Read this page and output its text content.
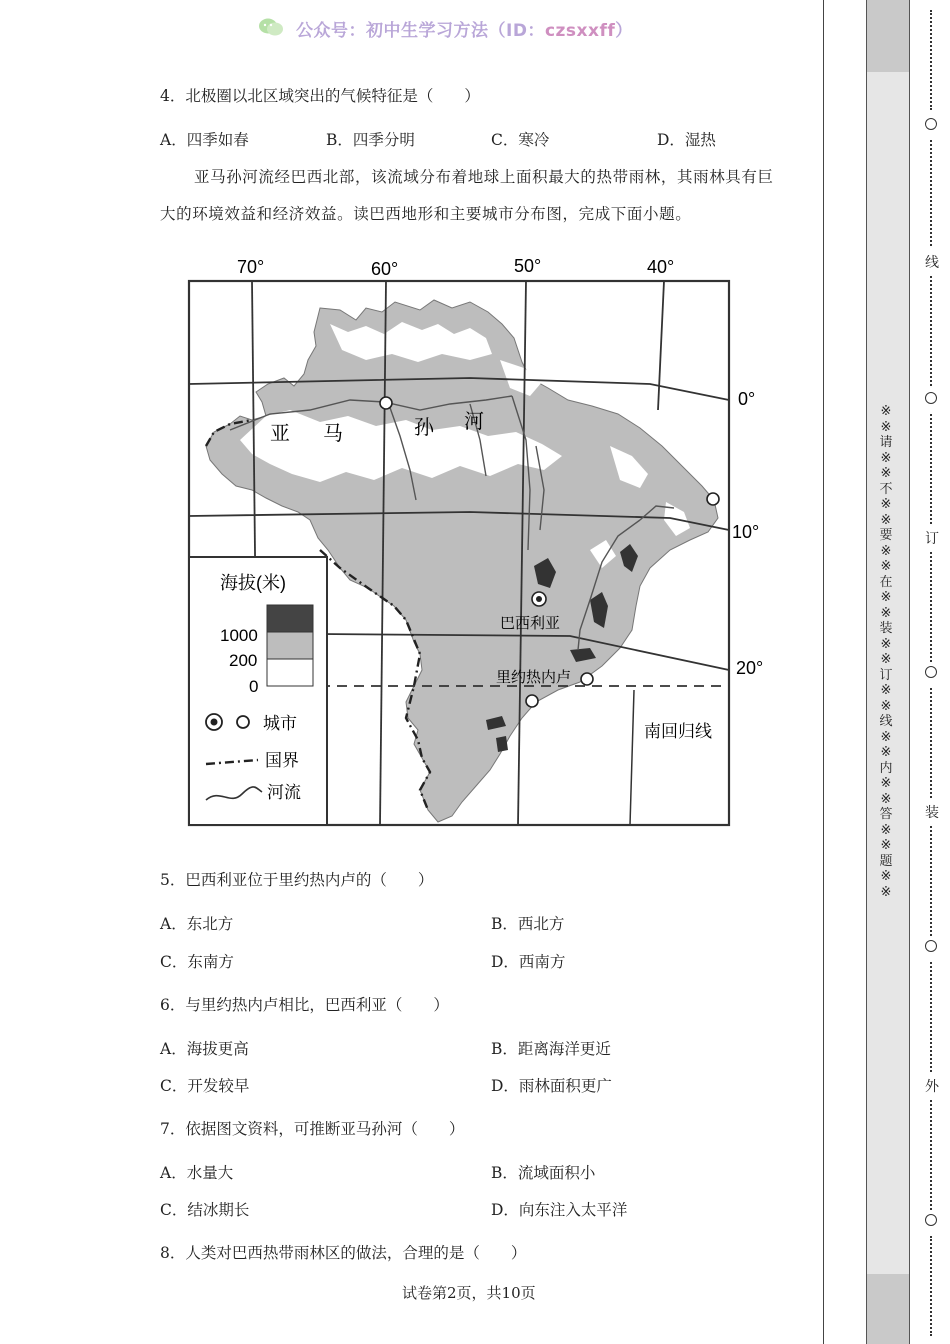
公众号：初中生学习方法（ID：czsxxff）
4．北极圈以北区域突出的气候特征是（　　）
A．四季如春	B．四季分明	C．寒冷	D．湿热
亚马孙河流经巴西北部，该流域分布着地球上面积最大的热带雨林，其雨林具有巨
大的环境效益和经济效益。读巴西地形和主要城市分布图，完成下面小题。
70°	60°	50°	40°
亚 马	孙 河
0°
10°
20°
巴西利亚
里约热内卢
南回归线
海拔(米)
1000
200
0
城市
国界
河流
5．巴西利亚位于里约热内卢的（　　）
A．东北方	B．西北方
C．东南方	D．西南方
6．与里约热内卢相比，巴西利亚（　　）
A．海拔更高	B．距离海洋更近
C．开发较早	D．雨林面积更广
7．依据图文资料，可推断亚马孙河（　　）
A．水量大	B．流域面积小
C．结冰期长	D．向东注入太平洋
8．人类对巴西热带雨林区的做法，合理的是（　　）
试卷第2页，共10页
※※请※※不※※要※※在※※装※※订※※线※※内※※答※※题※※
线
订
装
外
